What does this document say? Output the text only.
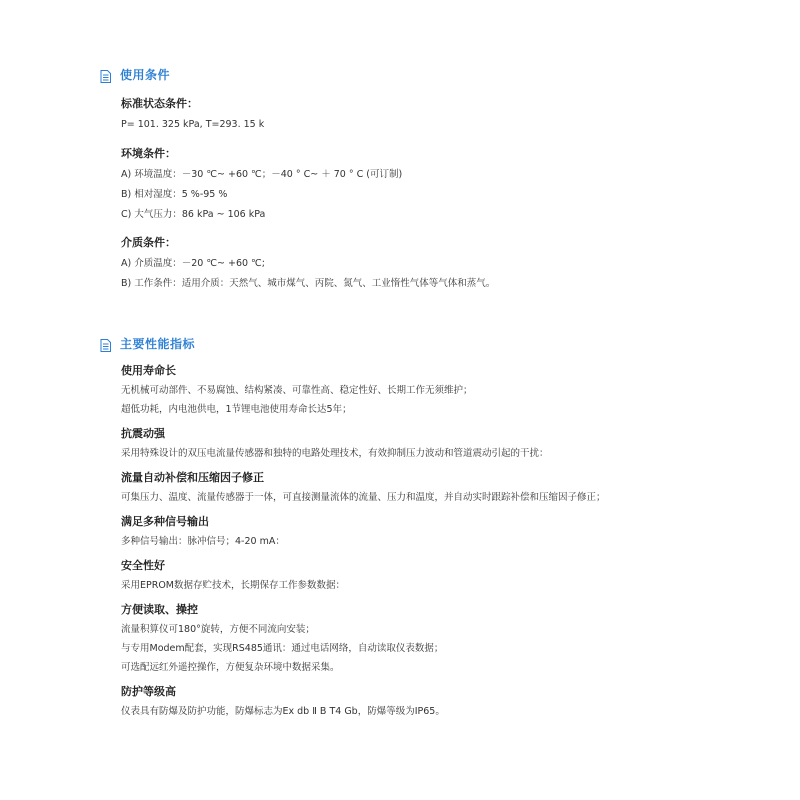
使用条件
标准状态条件：
P= 101. 325 kPa, T=293. 15 k
环境条件：
A) 环境温度：－30 ℃~ +60 ℃；－40 ° C~ ＋ 70 ° C (可订制)
B) 相对湿度：5 %-95 %
C) 大气压力：86 kPa ~ 106 kPa
介质条件：
A) 介质温度：－20 ℃~ +60 ℃;
B) 工作条件：适用介质：天然气、城市煤气、丙院、氮气、工业惰性气体等气体和蒸气。
主要性能指标
使用寿命长
无机械可动部件、不易腐蚀、结构紧凑、可靠性高、稳定性好、长期工作无须维护；
超低功耗，内电池供电，1节锂电池使用寿命长达5年；
抗震动强
采用特殊设计的双压电流量传感器和独特的电路处理技术，有效抑制压力波动和管道震动引起的干扰：
流量自动补偿和压缩因子修正
可集压力、温度、流量传感器于一体，可直接测量流体的流量、压力和温度，并自动实时跟踪补偿和压缩因子修正；
满足多种信号输出
多种信号输出：脉冲信号；4-20 mA：
安全性好
采用EPROM数据存贮技术，长期保存工作参数数据：
方便读取、操控
流量积算仪可180°旋转，方便不同流向安装；
与专用Modem配套，实现RS485通讯：通过电话网络，自动读取仪表数据；
可选配远红外遥控操作，方便复杂环境中数据采集。
防护等级高
仪表具有防爆及防护功能，防爆标志为Ex db Ⅱ B T4 Gb，防爆等级为IP65。
